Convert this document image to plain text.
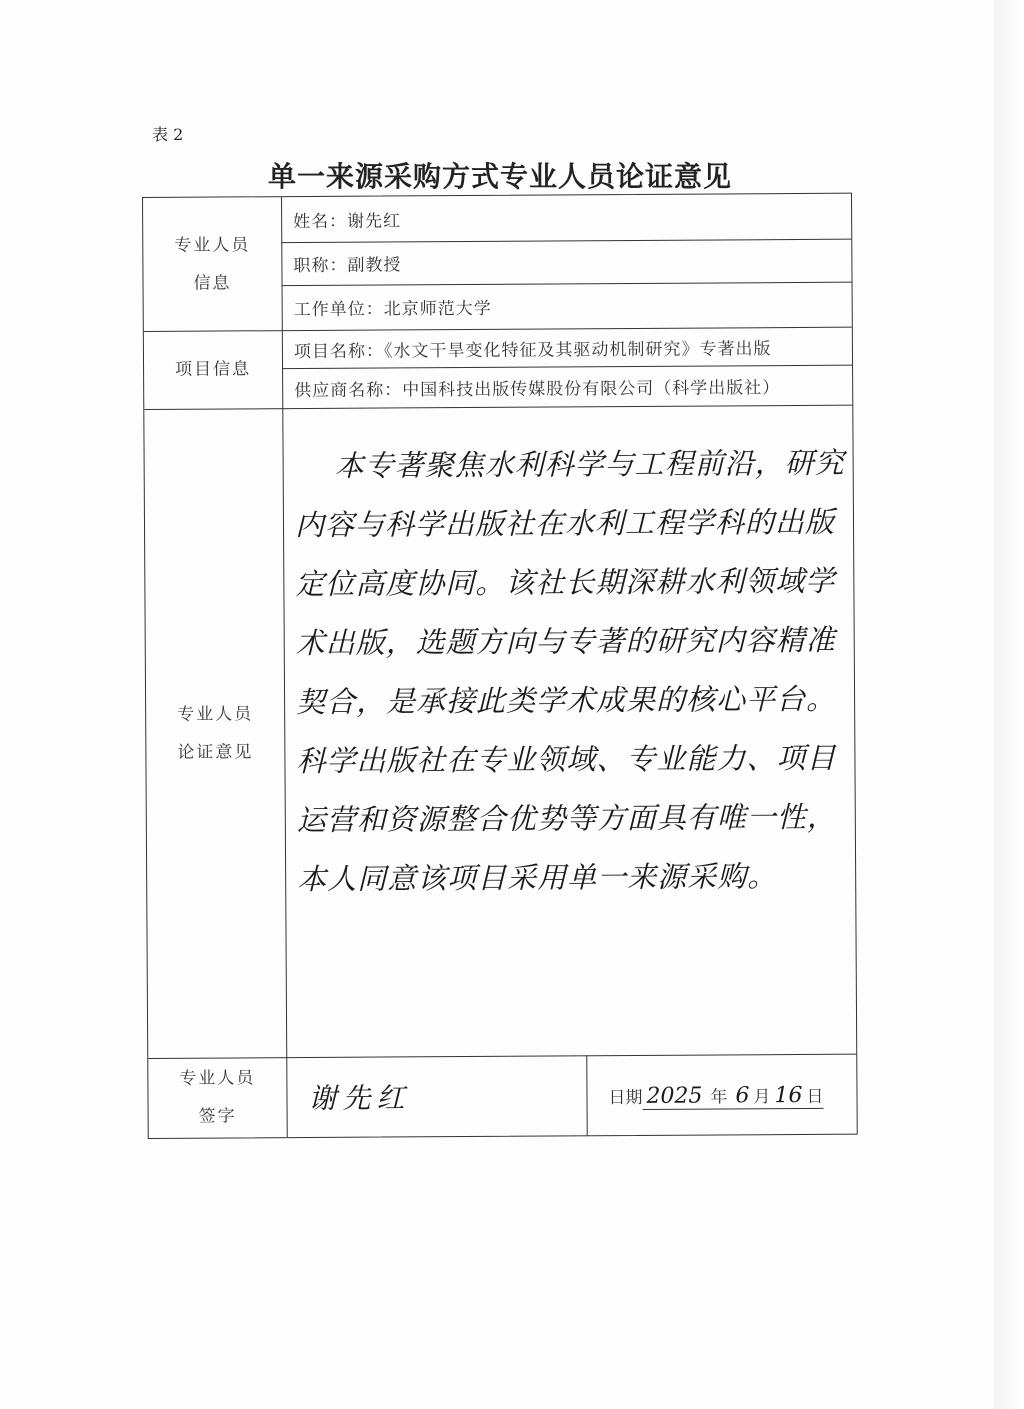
表 2
单一来源采购方式专业人员论证意见
专业人员信息
姓名：谢先红
职称：副教授
工作单位：北京师范大学
项目信息
项目名称：《水文干旱变化特征及其驱动机制研究》专著出版
供应商名称：中国科技出版传媒股份有限公司（科学出版社）
专业人员论证意见
本专著聚焦水利科学与工程前沿，研究内容与科学出版社在水利工程学科的出版定位高度协同。该社长期深耕水利领域学术出版，选题方向与专著的研究内容精准契合，是承接此类学术成果的核心平台。科学出版社在专业领域、专业能力、项目运营和资源整合优势等方面具有唯一性，本人同意该项目采用单一来源采购。
专业人员签字
谢先红	日期 2025 年 6 月 16 日
